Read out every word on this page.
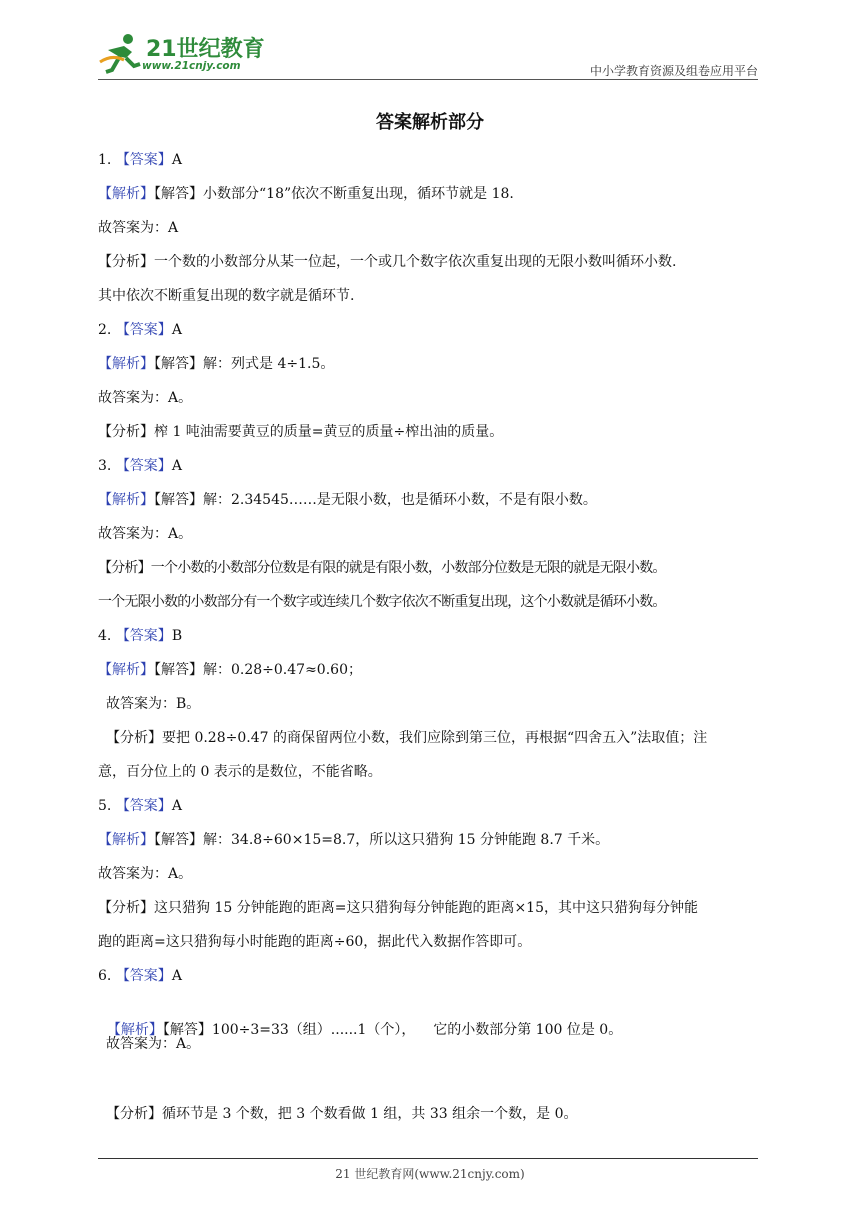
21世纪教育
www.21cnjy.com	中小学教育资源及组卷应用平台
答案解析部分
1. 【答案】A
【解析】【解答】小数部分“18”依次不断重复出现，循环节就是 18.
故答案为：A
【分析】一个数的小数部分从某一位起，一个或几个数字依次重复出现的无限小数叫循环小数.
其中依次不断重复出现的数字就是循环节.
2. 【答案】A
【解析】【解答】解：列式是 4÷1.5。
故答案为：A。
【分析】榨 1 吨油需要黄豆的质量=黄豆的质量÷榨出油的质量。
3. 【答案】A
【解析】【解答】解：2.34545……是无限小数，也是循环小数，不是有限小数。
故答案为：A。
【分析】一个小数的小数部分位数是有限的就是有限小数，小数部分位数是无限的就是无限小数。
一个无限小数的小数部分有一个数字或连续几个数字依次不断重复出现，这个小数就是循环小数。
4. 【答案】B
【解析】【解答】解：0.28÷0.47≈0.60；
故答案为：B。
【分析】要把 0.28÷0.47 的商保留两位小数，我们应除到第三位，再根据“四舍五入”法取值；注
意，百分位上的 0 表示的是数位，不能省略。
5. 【答案】A
【解析】【解答】解：34.8÷60×15=8.7，所以这只猎狗 15 分钟能跑 8.7 千米。
故答案为：A。
【分析】这只猎狗 15 分钟能跑的距离=这只猎狗每分钟能跑的距离×15，其中这只猎狗每分钟能
跑的距离=这只猎狗每小时能跑的距离÷60，据此代入数据作答即可。
6. 【答案】A

【解析】【解答】100÷3=33（组）......1（个），    它的小数部分第 100 位是 0。

故答案为：A。
【分析】循环节是 3 个数，把 3 个数看做 1 组，共 33 组余一个数，是 0。
21 世纪教育网(www.21cnjy.com)
